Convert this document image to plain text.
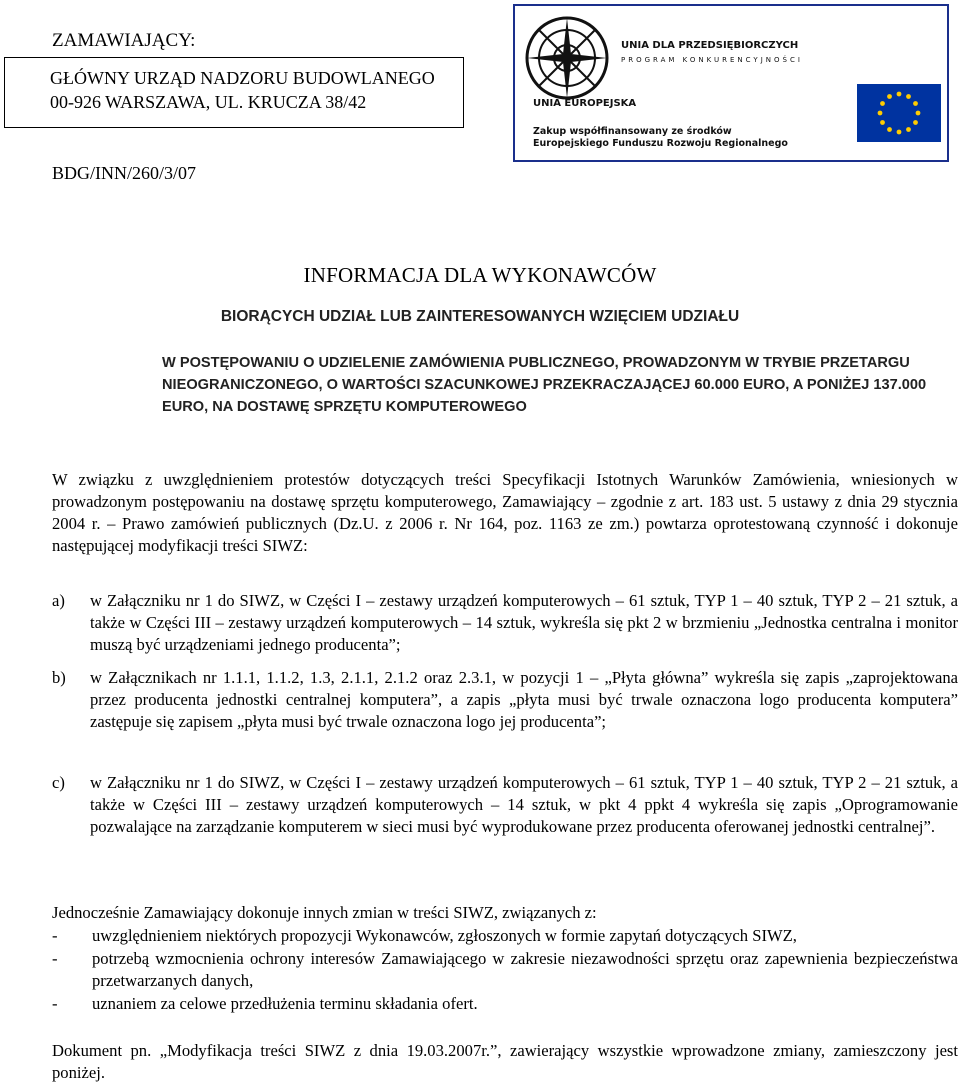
ZAMAWIAJĄCY:
GŁÓWNY URZĄD NADZORU BUDOWLANEGO
00-926 WARSZAWA, UL. KRUCZA 38/42
BDG/INN/260/3/07
UNIA DLA PRZEDSIĘBIORCZYCH
PROGRAM KONKURENCYJNOŚCI
UNIA EUROPEJSKA
Zakup współfinansowany ze środków
Europejskiego Funduszu Rozwoju Regionalnego
INFORMACJA DLA WYKONAWCÓW
BIORĄCYCH UDZIAŁ LUB ZAINTERESOWANYCH WZIĘCIEM UDZIAŁU
W POSTĘPOWANIU O UDZIELENIE ZAMÓWIENIA PUBLICZNEGO, PROWADZONYM W TRYBIE PRZETARGU NIEOGRANICZONEGO, O WARTOŚCI SZACUNKOWEJ PRZEKRACZAJĄCEJ 60.000 EURO, A PONIŻEJ 137.000 EURO, NA DOSTAWĘ SPRZĘTU KOMPUTEROWEGO
W związku z uwzględnieniem protestów dotyczących treści Specyfikacji Istotnych Warunków Zamówienia, wniesionych w prowadzonym postępowaniu na dostawę sprzętu komputerowego, Zamawiający – zgodnie z art. 183 ust. 5 ustawy z dnia 29 stycznia 2004 r. – Prawo zamówień publicznych (Dz.U. z 2006 r. Nr 164, poz. 1163 ze zm.) powtarza oprotestowaną czynność i dokonuje następującej modyfikacji treści SIWZ:
a) w Załączniku nr 1 do SIWZ, w Części I – zestawy urządzeń komputerowych – 61 sztuk, TYP 1 – 40 sztuk, TYP 2 – 21 sztuk, a także w Części III – zestawy urządzeń komputerowych – 14 sztuk, wykreśla się pkt 2 w brzmieniu „Jednostka centralna i monitor muszą być urządzeniami jednego producenta”;
b) w Załącznikach nr 1.1.1, 1.1.2, 1.3, 2.1.1, 2.1.2 oraz 2.3.1, w pozycji 1 – „Płyta główna” wykreśla się zapis „zaprojektowana przez producenta jednostki centralnej komputera”, a zapis „płyta musi być trwale oznaczona logo producenta komputera” zastępuje się zapisem „płyta musi być trwale oznaczona logo jej producenta”;
c) w Załączniku nr 1 do SIWZ, w Części I – zestawy urządzeń komputerowych – 61 sztuk, TYP 1 – 40 sztuk, TYP 2 – 21 sztuk, a także w Części III – zestawy urządzeń komputerowych – 14 sztuk, w pkt 4 ppkt 4 wykreśla się zapis „Oprogramowanie pozwalające na zarządzanie komputerem w sieci musi być wyprodukowane przez producenta oferowanej jednostki centralnej”.
Jednocześnie Zamawiający dokonuje innych zmian w treści SIWZ, związanych z:
- uwzględnieniem niektórych propozycji Wykonawców, zgłoszonych w formie zapytań dotyczących SIWZ,
- potrzebą wzmocnienia ochrony interesów Zamawiającego w zakresie niezawodności sprzętu oraz zapewnienia bezpieczeństwa przetwarzanych danych,
- uznaniem za celowe przedłużenia terminu składania ofert.
Dokument pn. „Modyfikacja treści SIWZ z dnia 19.03.2007r.”, zawierający wszystkie wprowadzone zmiany, zamieszczony jest poniżej.
